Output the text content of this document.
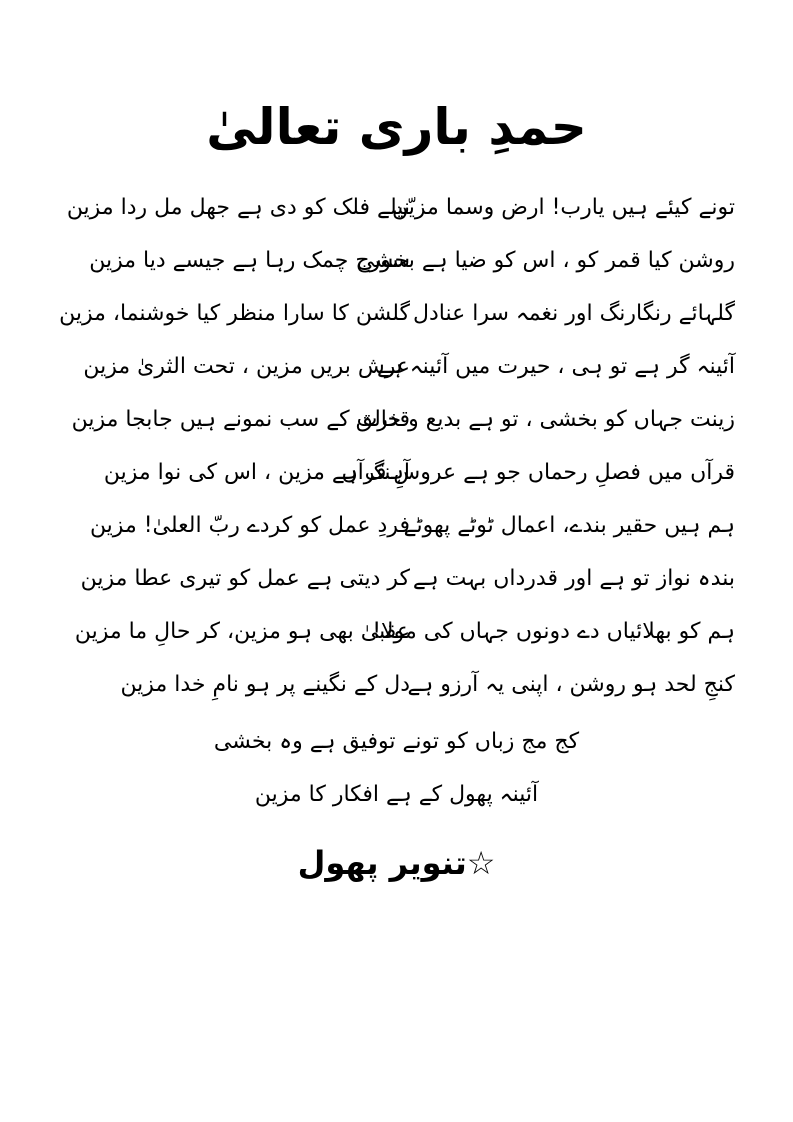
حمدِ باری تعالیٰ
تونے کیئے ہیں یارب! ارض وسما مزیّن
نیلے فلک کو دی ہے جھل مل ردا مزین
روشن کیا قمر کو ، اس کو ضیا ہے بخشی
سورج چمک رہا ہے جیسے دیا مزین
گلہائے رنگارنگ اور نغمہ سرا عنادل
گلشن کا سارا منظر کیا خوشنما، مزین
آئینہ گر ہے تو ہی ، حیرت میں آئینہ ہے
عرش بریں مزین ، تحت الثریٰ مزین
زینت جہاں کو بخشی ، تو ہے بدیع و خالق
قدرت کے سب نمونے ہیں جابجا مزین
قرآں میں فصلِ رحماں جو ہے عروسِ قرآں
آہنگ ہے مزین ، اس کی نوا مزین
ہم ہیں حقیر بندے، اعمال ٹوٹے پھوٹے
فردِ عمل کو کردے ربّ العلیٰ! مزین
بندہ نواز تو ہے اور قدرداں بہت ہے
کر دیتی ہے عمل کو تیری عطا مزین
ہم کو بھلائیاں دے دونوں جہاں کی مولا!
عقبیٰ بھی ہو مزین، کر حالِ ما مزین
کنجِ لحد ہو روشن ، اپنی یہ آرزو ہے
دل کے نگینے پر ہو نامِ خدا مزین
کج مج زباں کو تونے توفیق ہے وہ بخشی
آئینہ پھول کے ہے افکار کا مزین
☆تنویر پھول
